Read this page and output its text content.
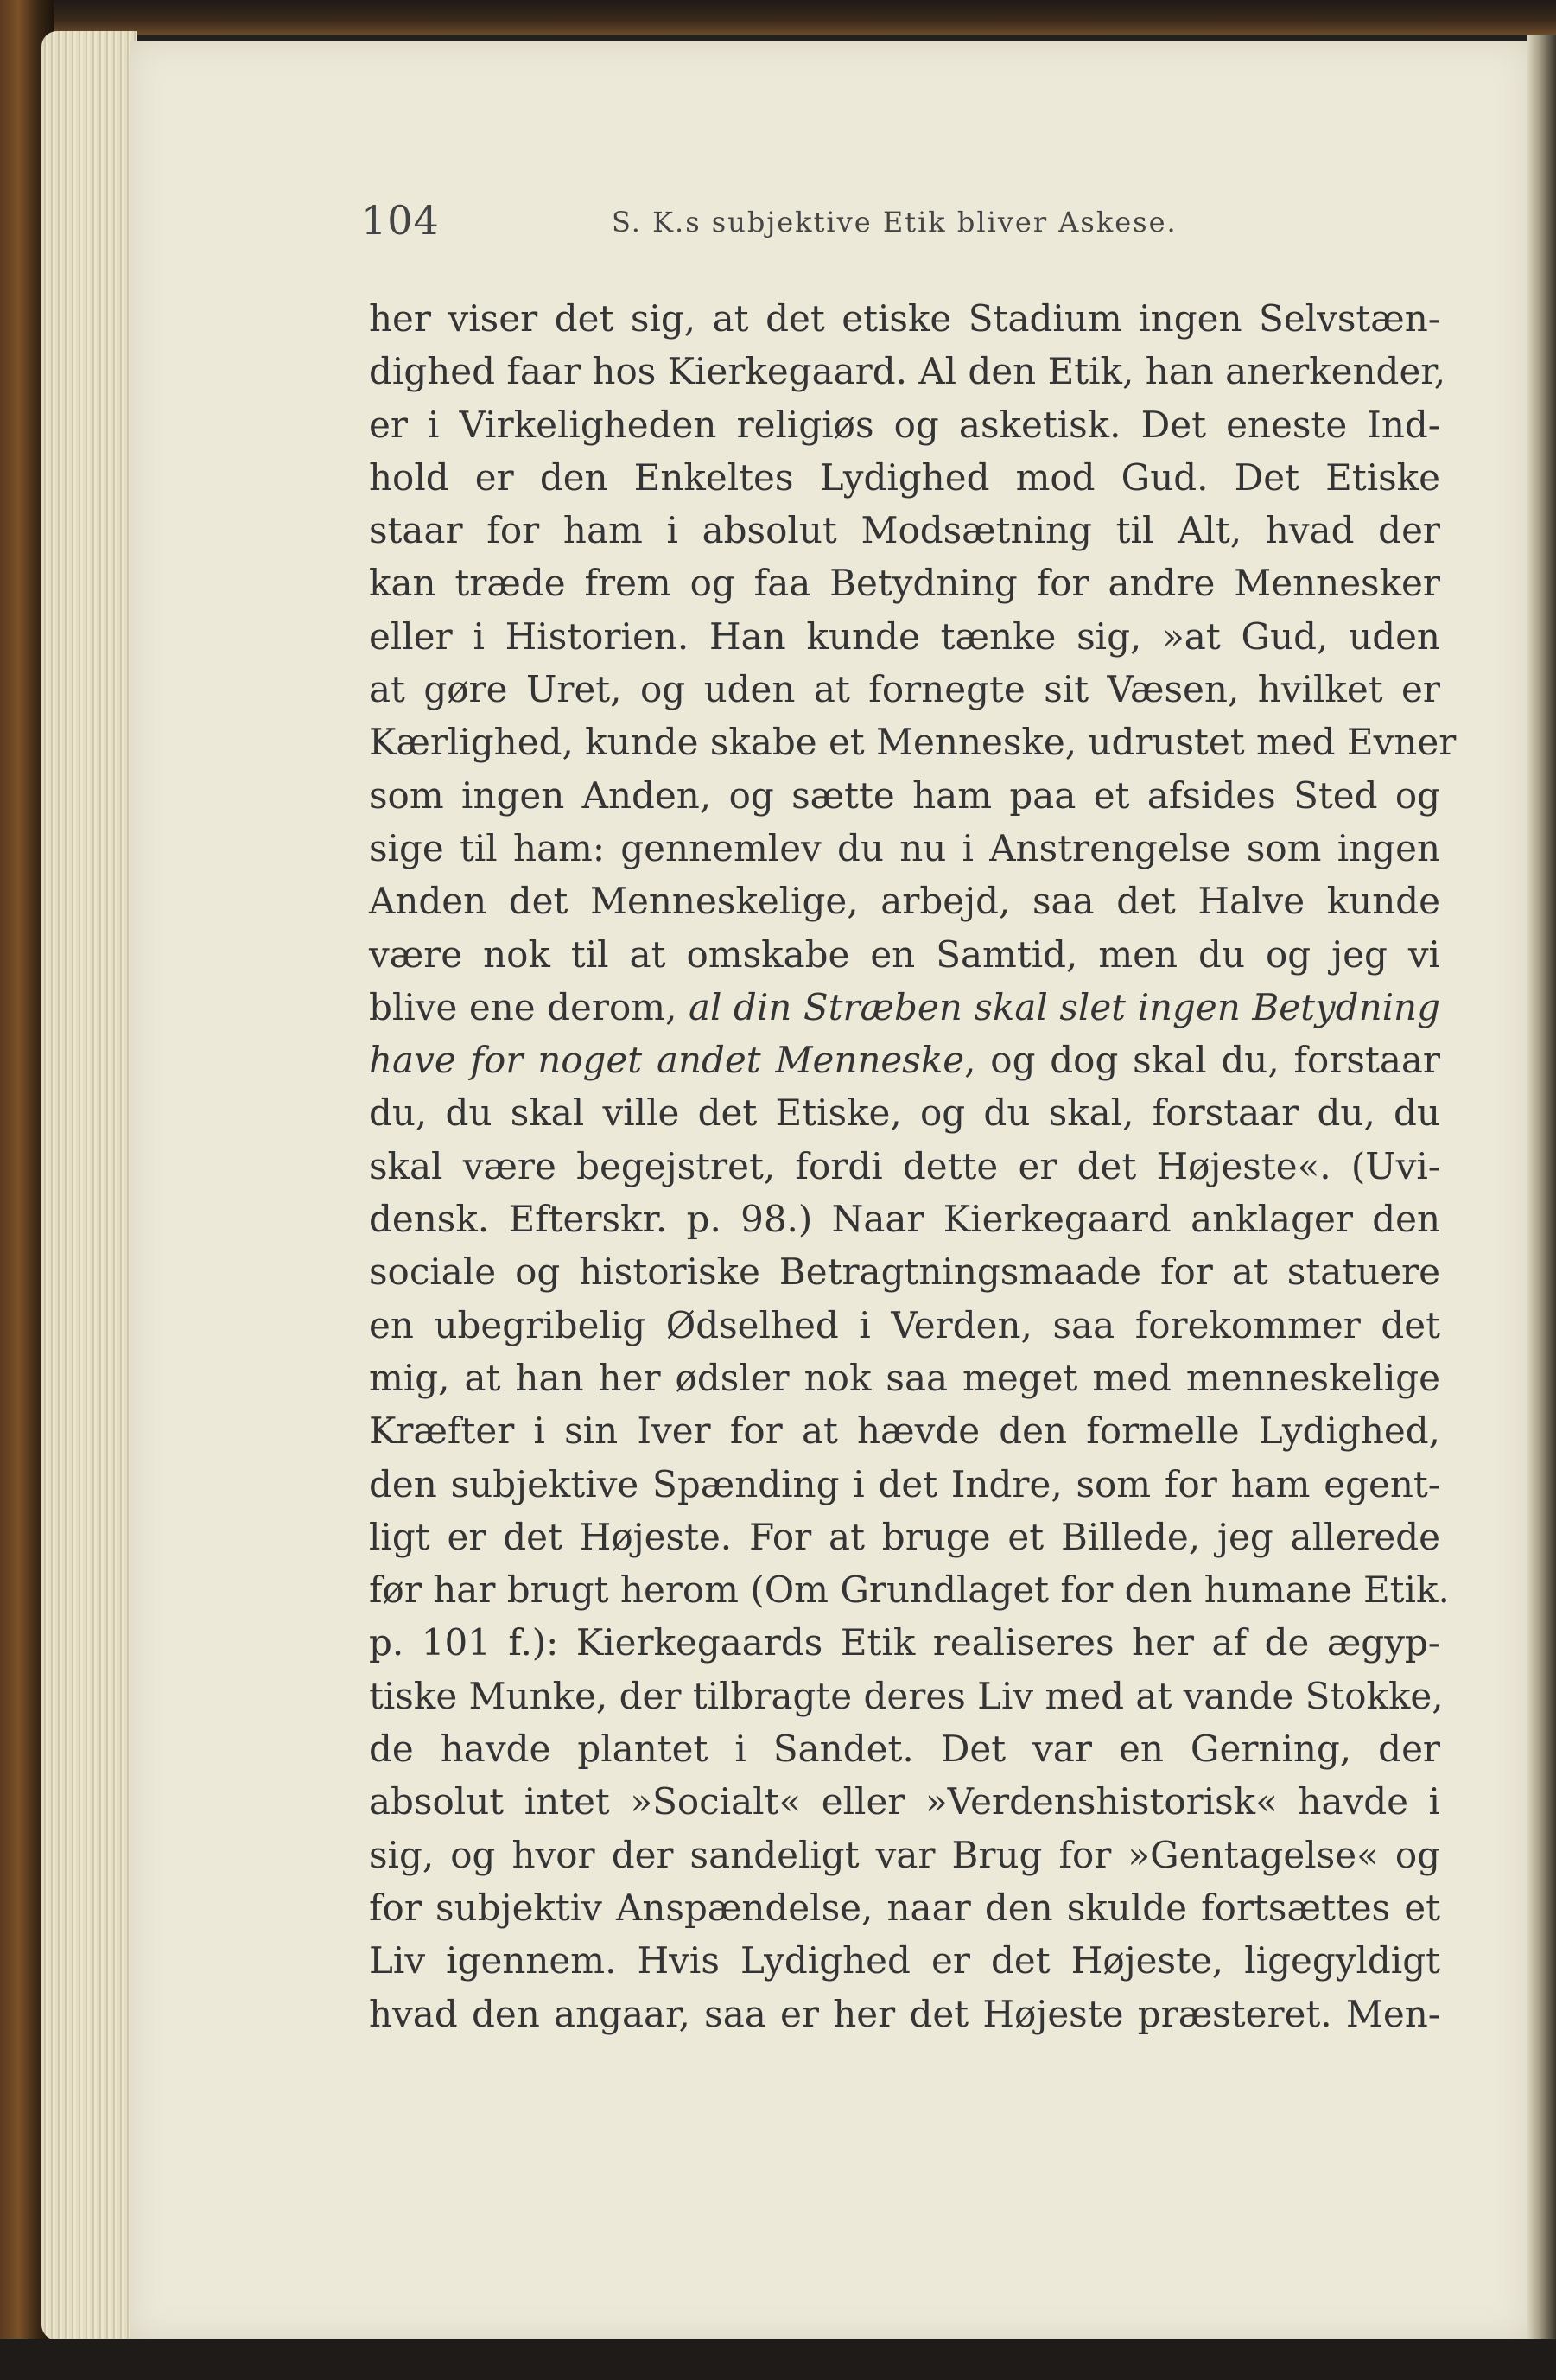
104	S. K.s subjektive Etik bliver Askese.
her viser det sig, at det etiske Stadium ingen Selvstæn-
dighed faar hos Kierkegaard. Al den Etik, han anerkender,
er i Virkeligheden religiøs og asketisk. Det eneste Ind-
hold er den Enkeltes Lydighed mod Gud. Det Etiske
staar for ham i absolut Modsætning til Alt, hvad der
kan træde frem og faa Betydning for andre Mennesker
eller i Historien. Han kunde tænke sig, »at Gud, uden
at gøre Uret, og uden at fornegte sit Væsen, hvilket er
Kærlighed, kunde skabe et Menneske, udrustet med Evner
som ingen Anden, og sætte ham paa et afsides Sted og
sige til ham: gennemlev du nu i Anstrengelse som ingen
Anden det Menneskelige, arbejd, saa det Halve kunde
være nok til at omskabe en Samtid, men du og jeg vi
blive ene derom, al din Stræben skal slet ingen Betydning
have for noget andet Menneske, og dog skal du, forstaar
du, du skal ville det Etiske, og du skal, forstaar du, du
skal være begejstret, fordi dette er det Højeste«. (Uvi-
densk. Efterskr. p. 98.) Naar Kierkegaard anklager den
sociale og historiske Betragtningsmaade for at statuere
en ubegribelig Ødselhed i Verden, saa forekommer det
mig, at han her ødsler nok saa meget med menneskelige
Kræfter i sin Iver for at hævde den formelle Lydighed,
den subjektive Spænding i det Indre, som for ham egent-
ligt er det Højeste. For at bruge et Billede, jeg allerede
før har brugt herom (Om Grundlaget for den humane Etik.
p. 101 f.): Kierkegaards Etik realiseres her af de ægyp-
tiske Munke, der tilbragte deres Liv med at vande Stokke,
de havde plantet i Sandet. Det var en Gerning, der
absolut intet »Socialt« eller »Verdenshistorisk« havde i
sig, og hvor der sandeligt var Brug for »Gentagelse« og
for subjektiv Anspændelse, naar den skulde fortsættes et
Liv igennem. Hvis Lydighed er det Højeste, ligegyldigt
hvad den angaar, saa er her det Højeste præsteret. Men-
